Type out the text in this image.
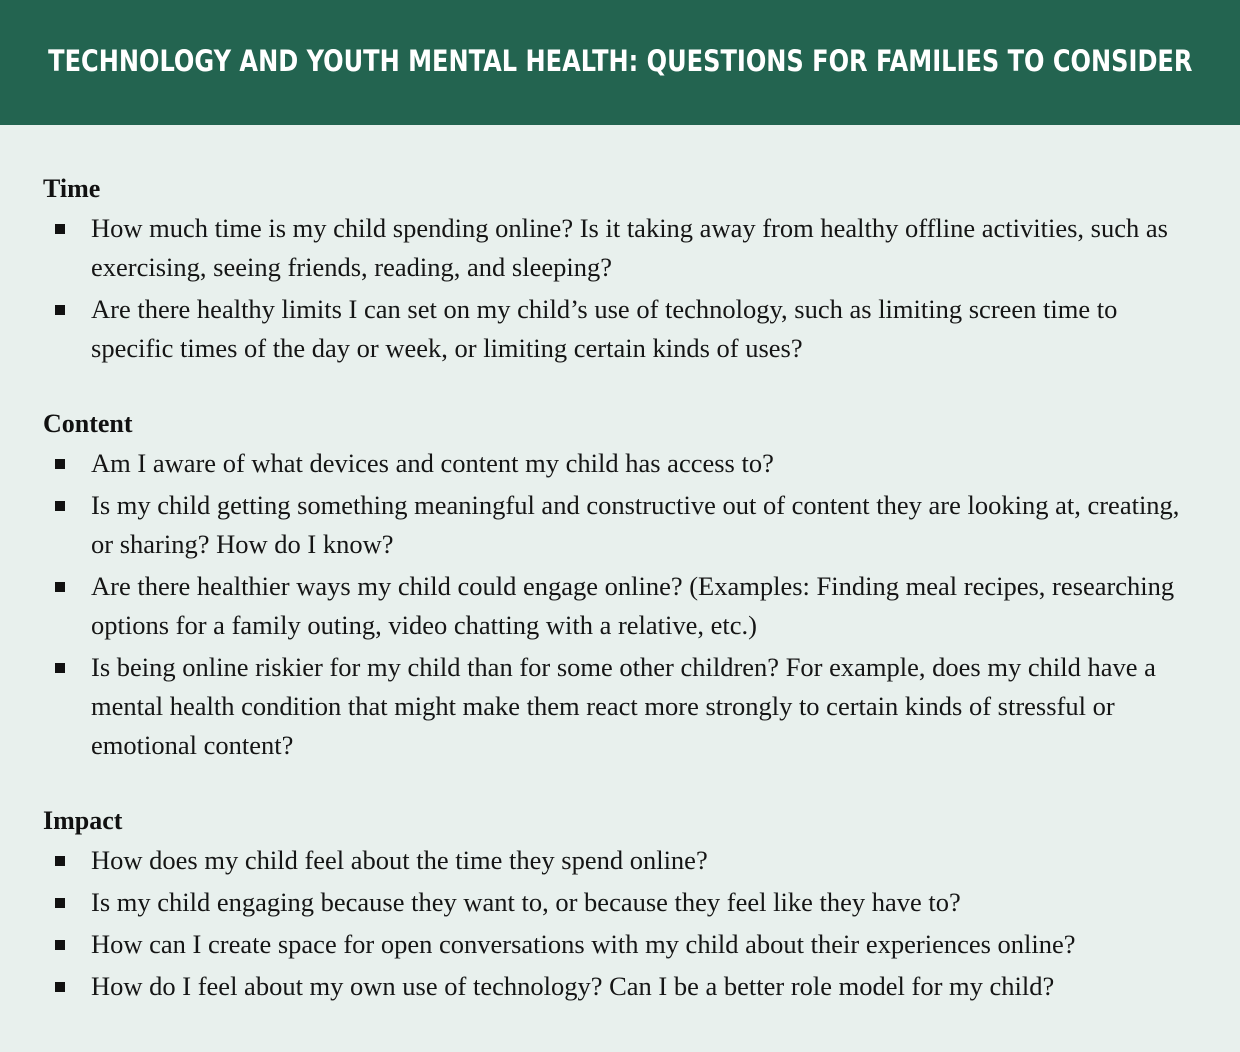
TECHNOLOGY AND YOUTH MENTAL HEALTH: QUESTIONS FOR FAMILIES TO CONSIDER
Time
How much time is my child spending online? Is it taking away from healthy offline activities, such as exercising, seeing friends, reading, and sleeping?
Are there healthy limits I can set on my child’s use of technology, such as limiting screen time to specific times of the day or week, or limiting certain kinds of uses?
Content
Am I aware of what devices and content my child has access to?
Is my child getting something meaningful and constructive out of content they are looking at, creating, or sharing? How do I know?
Are there healthier ways my child could engage online? (Examples: Finding meal recipes, researching options for a family outing, video chatting with a relative, etc.)
Is being online riskier for my child than for some other children? For example, does my child have a mental health condition that might make them react more strongly to certain kinds of stressful or emotional content?
Impact
How does my child feel about the time they spend online?
Is my child engaging because they want to, or because they feel like they have to?
How can I create space for open conversations with my child about their experiences online?
How do I feel about my own use of technology? Can I be a better role model for my child?
